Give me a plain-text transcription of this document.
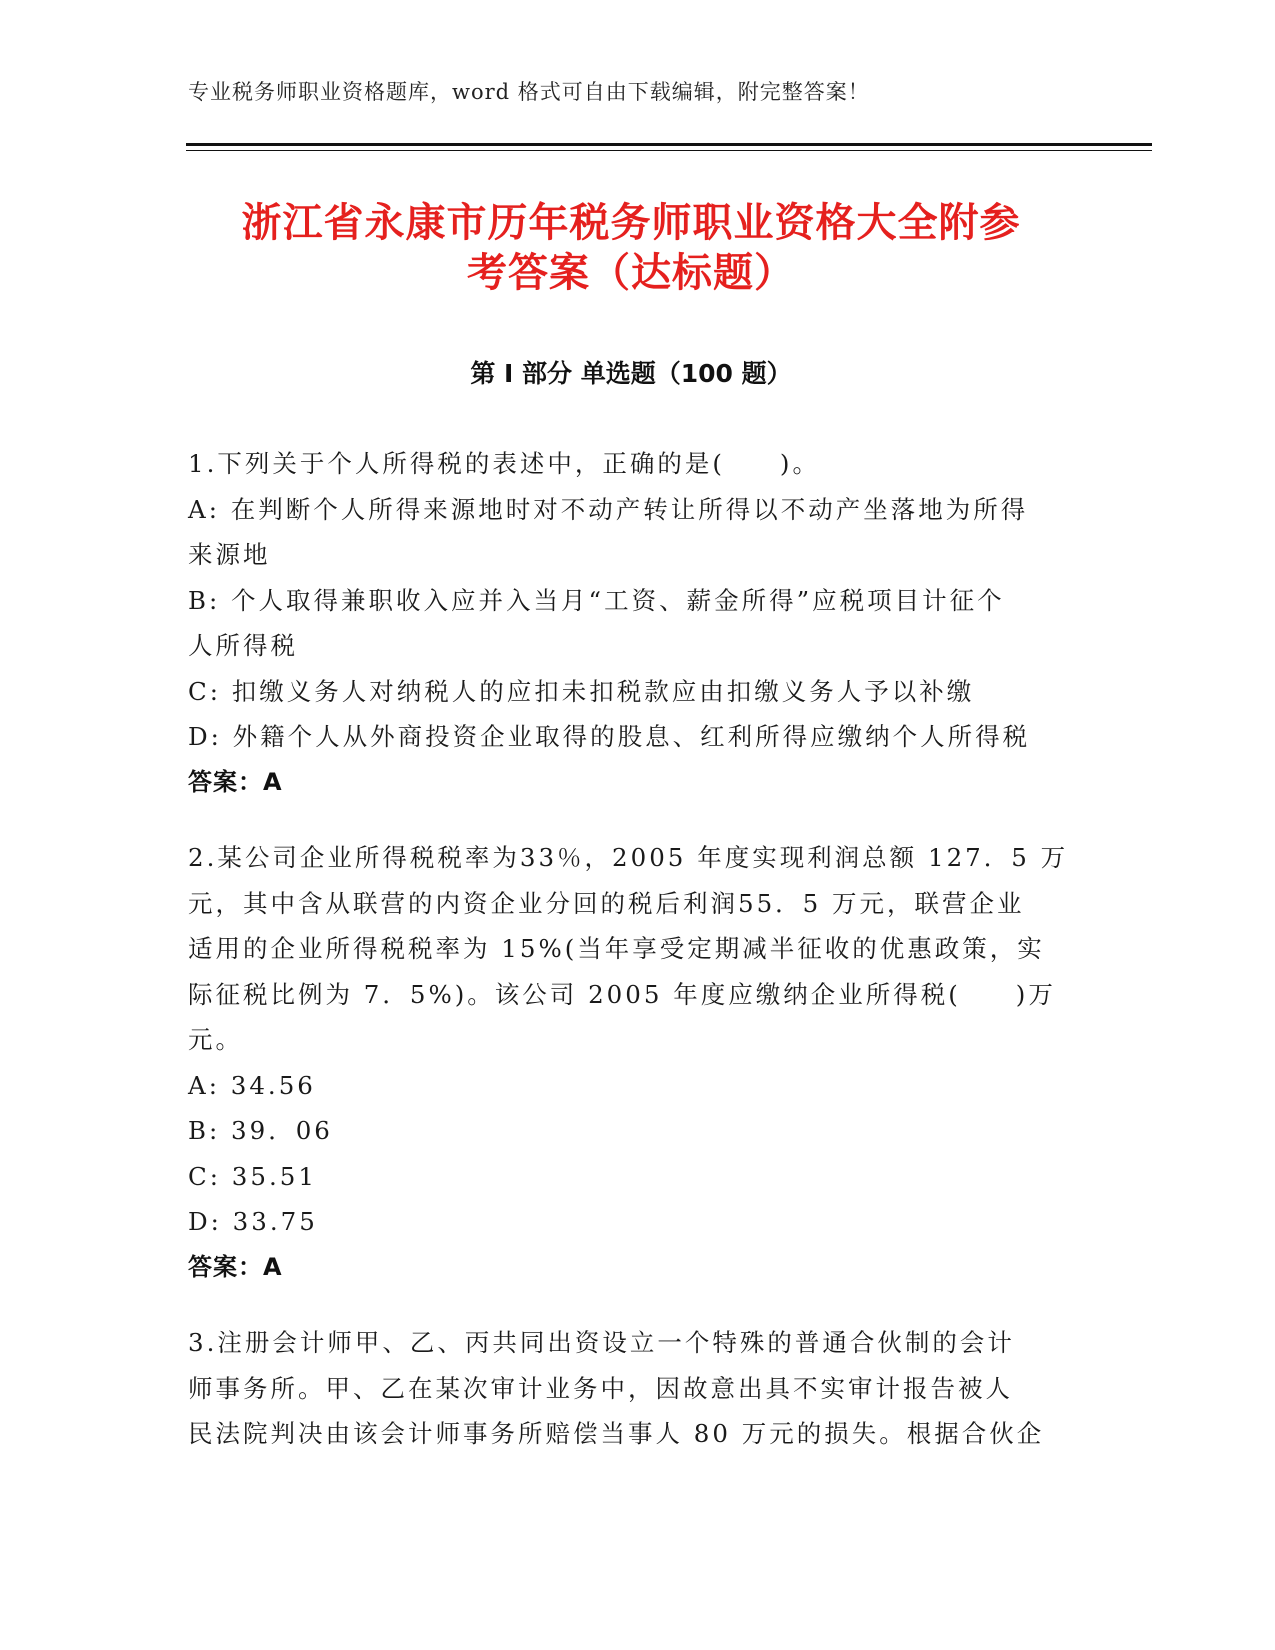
专业税务师职业资格题库，word 格式可自由下载编辑，附完整答案！
浙江省永康市历年税务师职业资格大全附参
考答案（达标题）
第 I 部分 单选题（100 题）

1.下列关于个人所得税的表述中，正确的是(　　)。

A: 在判断个人所得来源地时对不动产转让所得以不动产坐落地为所得

来源地

B: 个人取得兼职收入应并入当月“工资、薪金所得”应税项目计征个

人所得税

C: 扣缴义务人对纳税人的应扣未扣税款应由扣缴义务人予以补缴

D: 外籍个人从外商投资企业取得的股息、红利所得应缴纳个人所得税

答案：A

2.某公司企业所得税税率为33％，2005 年度实现利润总额 127．5 万

元，其中含从联营的内资企业分回的税后利润55．5 万元，联营企业

适用的企业所得税税率为 15%(当年享受定期减半征收的优惠政策，实

际征税比例为 7．5%)。该公司 2005 年度应缴纳企业所得税(　　)万

元。

A: 34.56

B: 39．06

C: 35.51

D: 33.75

答案：A

3.注册会计师甲、乙、丙共同出资设立一个特殊的普通合伙制的会计

师事务所。甲、乙在某次审计业务中，因故意出具不实审计报告被人

民法院判决由该会计师事务所赔偿当事人 80 万元的损失。根据合伙企
